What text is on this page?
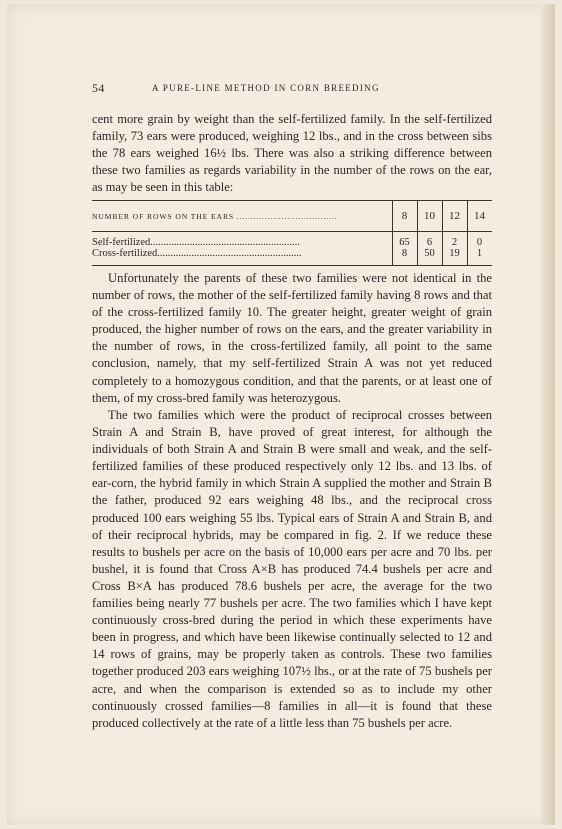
54	A PURE-LINE METHOD IN CORN BREEDING
cent more grain by weight than the self-fertilized family. In the self-fertilized family, 73 ears were produced, weighing 12 lbs., and in the cross between sibs the 78 ears weighed 16½ lbs. There was also a striking difference between these two families as regards variability in the number of the rows on the ear, as may be seen in this table:
NUMBER OF ROWS ON THE EARS ....................................	8	10	12	14
Self-fertilized.........................................................	65	6	2	0
Cross-fertilized.......................................................	8	50	19	1
Unfortunately the parents of these two families were not identical in the number of rows, the mother of the self-fertilized family having 8 rows and that of the cross-fertilized family 10. The greater height, greater weight of grain produced, the higher number of rows on the ears, and the greater variability in the number of rows, in the cross-fertilized family, all point to the same conclusion, namely, that my self-fertilized Strain A was not yet reduced completely to a homozygous condition, and that the parents, or at least one of them, of my cross-bred family was heterozygous.
The two families which were the product of reciprocal crosses between Strain A and Strain B, have proved of great interest, for although the individuals of both Strain A and Strain B were small and weak, and the self-fertilized families of these produced respectively only 12 lbs. and 13 lbs. of ear-corn, the hybrid family in which Strain A supplied the mother and Strain B the father, produced 92 ears weighing 48 lbs., and the reciprocal cross produced 100 ears weighing 55 lbs. Typical ears of Strain A and Strain B, and of their reciprocal hybrids, may be compared in fig. 2. If we reduce these results to bushels per acre on the basis of 10,000 ears per acre and 70 lbs. per bushel, it is found that Cross A×B has produced 74.4 bushels per acre and Cross B×A has produced 78.6 bushels per acre, the average for the two families being nearly 77 bushels per acre. The two families which I have kept continuously cross-bred during the period in which these experiments have been in progress, and which have been likewise continually selected to 12 and 14 rows of grains, may be properly taken as controls. These two families together produced 203 ears weighing 107½ lbs., or at the rate of 75 bushels per acre, and when the comparison is extended so as to include my other continuously crossed families—8 families in all—it is found that these produced collectively at the rate of a little less than 75 bushels per acre.
